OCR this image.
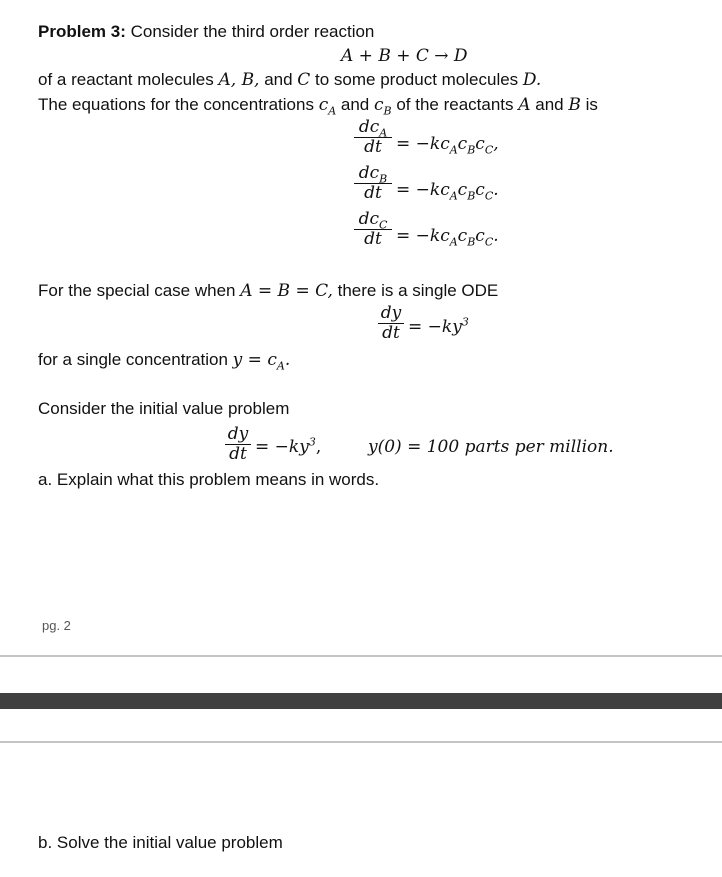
Problem 3: Consider the third order reaction
A + B + C → D
of a reactant molecules A, B, and C to some product molecules D.
The equations for the concentrations $c_A$ and $c_B$ of the reactants A and B is
$dc_A$
dt = $-kc_Ac_Bc_C$,
$dc_B$
dt = $-kc_Ac_Bc_C$.
$dc_C$
dt = $-kc_Ac_Bc_C$.
For the special case when A = B = C, there is a single ODE
dy
dt = $-ky^3$
for a single concentration $y = c_A$.
Consider the initial value problem
dy
dt = $-ky^3$,	y(0) = 100 parts per million.
a. Explain what this problem means in words.
pg. 2
b. Solve the initial value problem
